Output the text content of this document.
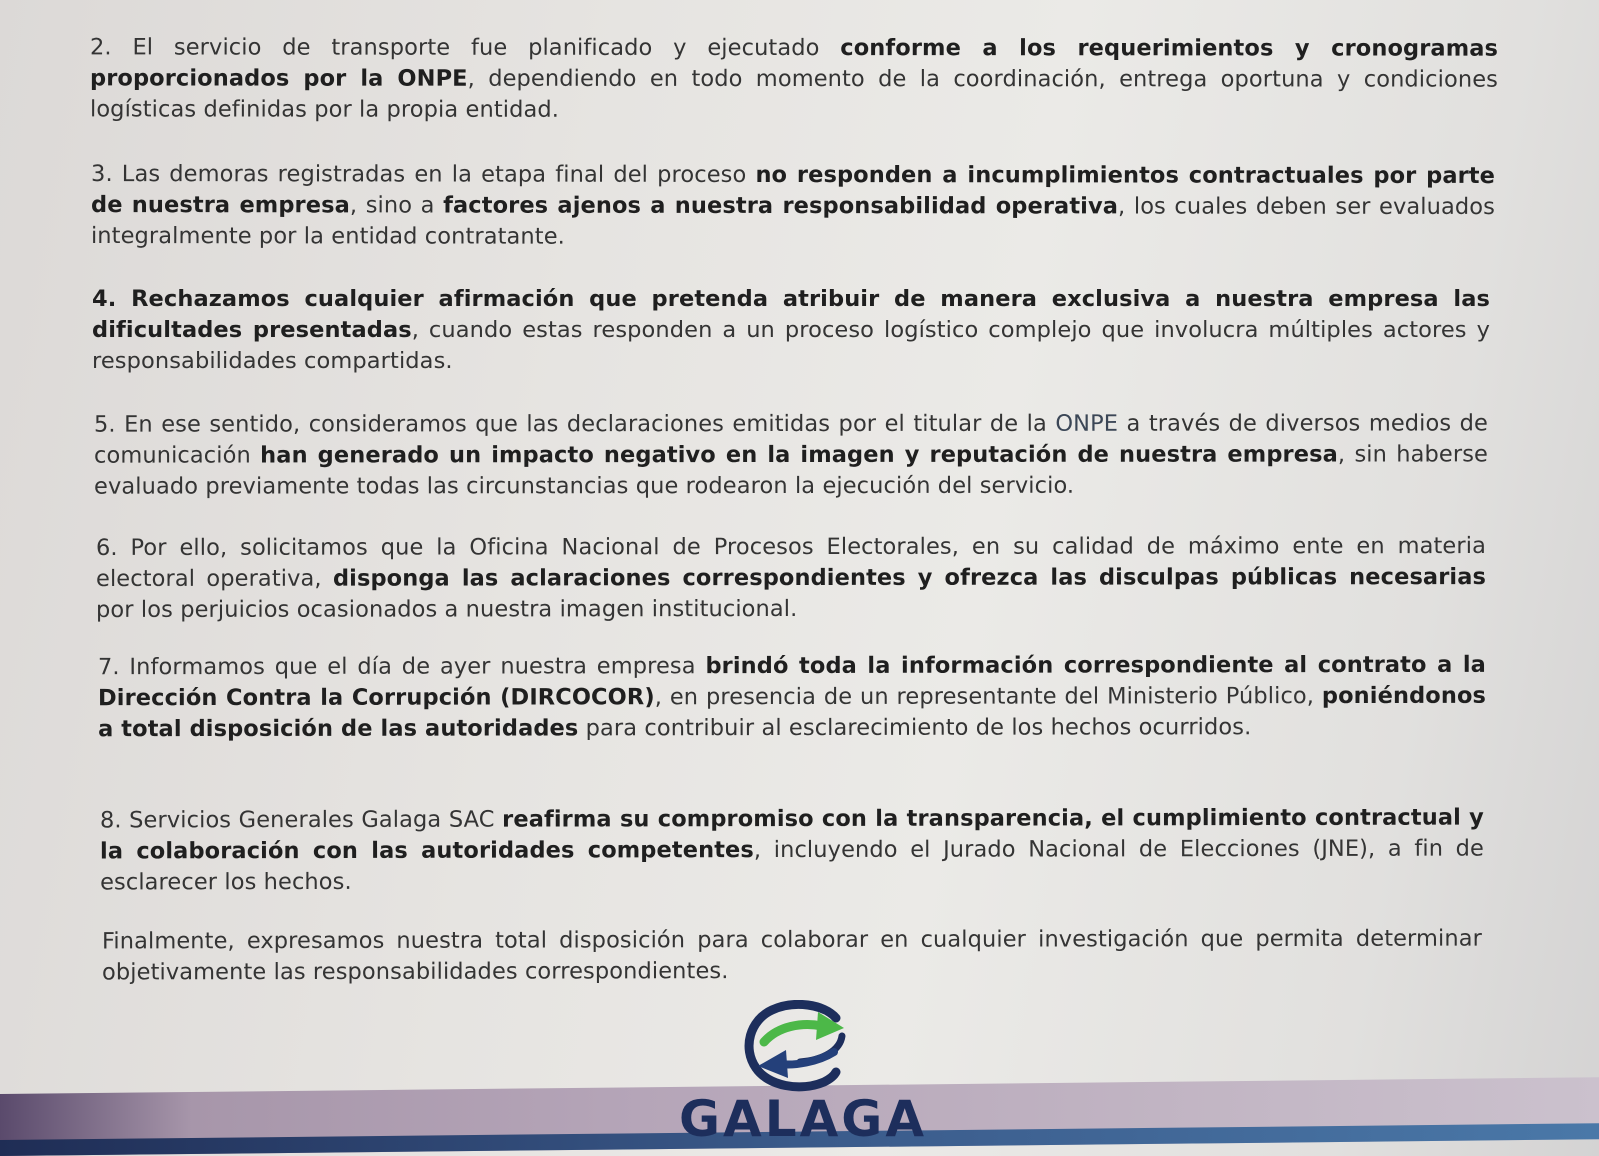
2. El servicio de transporte fue planificado y ejecutado conforme a los requerimientos y cronogramas proporcionados por la ONPE, dependiendo en todo momento de la coordinación, entrega oportuna y condiciones logísticas definidas por la propia entidad.

3. Las demoras registradas en la etapa final del proceso no responden a incumplimientos contractuales por parte de nuestra empresa, sino a factores ajenos a nuestra responsabilidad operativa, los cuales deben ser evaluados integralmente por la entidad contratante.

4. Rechazamos cualquier afirmación que pretenda atribuir de manera exclusiva a nuestra empresa las dificultades presentadas, cuando estas responden a un proceso logístico complejo que involucra múltiples actores y responsabilidades compartidas.

5. En ese sentido, consideramos que las declaraciones emitidas por el titular de la ONPE a través de diversos medios de comunicación han generado un impacto negativo en la imagen y reputación de nuestra empresa, sin haberse evaluado previamente todas las circunstancias que rodearon la ejecución del servicio.

6. Por ello, solicitamos que la Oficina Nacional de Procesos Electorales, en su calidad de máximo ente en materia electoral operativa, disponga las aclaraciones correspondientes y ofrezca las disculpas públicas necesarias por los perjuicios ocasionados a nuestra imagen institucional.

7. Informamos que el día de ayer nuestra empresa brindó toda la información correspondiente al contrato a la Dirección Contra la Corrupción (DIRCOCOR), en presencia de un representante del Ministerio Público, poniéndonos a total disposición de las autoridades para contribuir al esclarecimiento de los hechos ocurridos.

8. Servicios Generales Galaga SAC reafirma su compromiso con la transparencia, el cumplimiento contractual y la colaboración con las autoridades competentes, incluyendo el Jurado Nacional de Elecciones (JNE), a fin de esclarecer los hechos.

Finalmente, expresamos nuestra total disposición para colaborar en cualquier investigación que permita determinar objetivamente las responsabilidades correspondientes.

GALAGA
